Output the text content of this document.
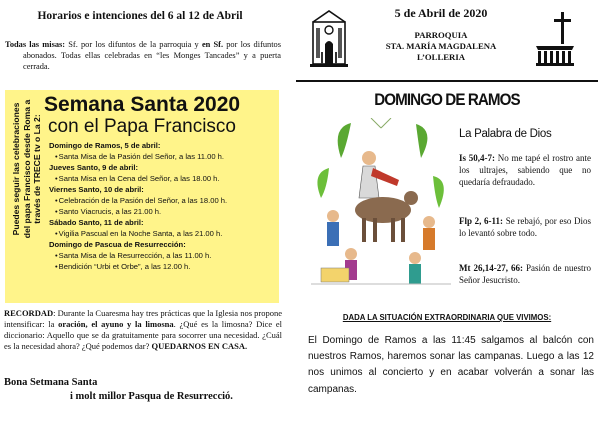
Horarios e intenciones del 6 al 12 de Abril
Todas las misas: Sf. por los difuntos de la parroquia y en Sf. por los difuntos abonados. Todas ellas celebradas en “les Monges Tancades” y a puerta cerrada.
Semana Santa 2020
con el Papa Francisco
Puedes seguir las celebraciones del papa Francisco desde Roma a través de TRECE tv o La 2: Domingo de Ramos, 5 de abril:
• Santa Misa de la Pasión del Señor, a las 11.00 h.
Jueves Santo, 9 de abril:
• Santa Misa en la Cena del Señor, a las 18.00 h.
Viernes Santo, 10 de abril:
• Celebración de la Pasión del Señor, a las 18.00 h.
• Santo Viacrucis, a las 21.00 h.
Sábado Santo, 11 de abril:
• Vigilia Pascual en la Noche Santa, a las 21.00 h.
Domingo de Pascua de Resurrección:
• Santa Misa de la Resurrección, a las 11.00 h.
• Bendición “Urbi et Orbe”, a las 12.00 h.
RECORDAD: Durante la Cuaresma hay tres prácticas que la Iglesia nos propone intensificar: la oración, el ayuno y la limosna. ¿Qué es la limosna? Dice el diccionario: Aquello que se da gratuitamente para socorrer una necesidad. ¿Cuál es la necesidad ahora? ¿Qué podemos dar? QUEDARNOS EN CASA.
Bona Setmana Santa
i molt millor Pasqua de Resurrecció.
5 de Abril de 2020
PARROQUIA
STA. MARÍA MAGDALENA
L’OLLERIA
DOMINGO DE RAMOS
La Palabra de Dios
Is 50,4-7: No me tapé el rostro ante los ultrajes, sabiendo que no quedaría defraudado.
Flp 2, 6-11: Se rebajó, por eso Dios lo levantó sobre todo.
Mt 26,14-27, 66: Pasión de nuestro Señor Jesucristo.
DADA LA SITUACIÓN EXTRAORDINARIA QUE VIVIMOS:
El Domingo de Ramos a las 11:45 salgamos al balcón con nuestros Ramos, haremos sonar las campanas. Luego a las 12 nos unimos al concierto y en acabar volverán a sonar las campanas.
